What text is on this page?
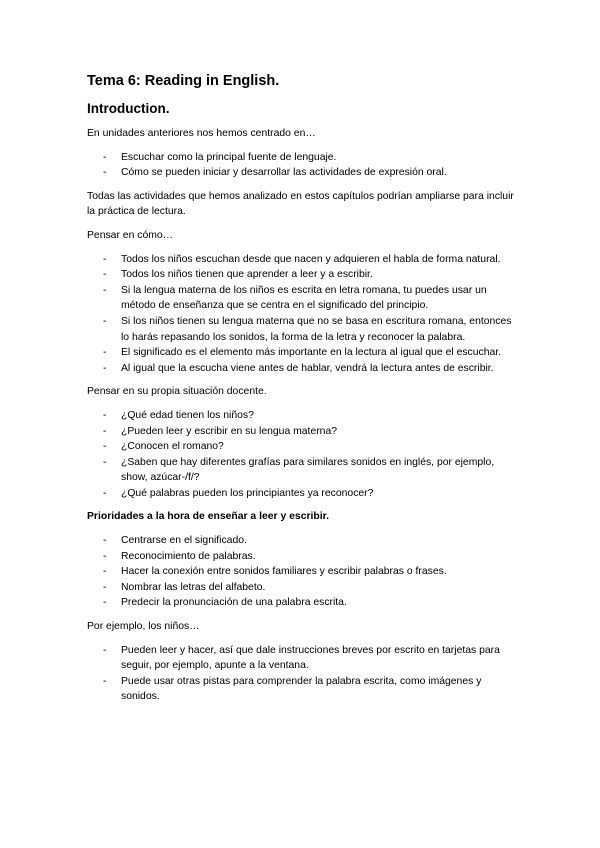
Tema 6: Reading in English.
Introduction.
En unidades anteriores nos hemos centrado en…
- Escuchar como la principal fuente de lenguaje.
- Cómo se pueden iniciar y desarrollar las actividades de expresión oral.
Todas las actividades que hemos analizado en estos capítulos podrían ampliarse para incluir la práctica de lectura.
Pensar en cómo…
- Todos los niños escuchan desde que nacen y adquieren el habla de forma natural.
- Todos los niños tienen que aprender a leer y a escribir.
- Si la lengua materna de los niños es escrita en letra romana, tu puedes usar un método de enseñanza que se centra en el significado del principio.
- Si los niños tienen su lengua materna que no se basa en escritura romana, entonces lo harás repasando los sonidos, la forma de la letra y reconocer la palabra.
- El significado es el elemento más importante en la lectura al igual que el escuchar.
- Al igual que la escucha viene antes de hablar, vendrá la lectura antes de escribir.
Pensar en su propia situación docente.
- ¿Qué edad tienen los niños?
- ¿Pueden leer y escribir en su lengua materna?
- ¿Conocen el romano?
- ¿Saben que hay diferentes grafías para similares sonidos en inglés, por ejemplo, show, azúcar-/f/?
- ¿Qué palabras pueden los principiantes ya reconocer?
Prioridades a la hora de enseñar a leer y escribir.
- Centrarse en el significado.
- Reconocimiento de palabras.
- Hacer la conexión entre sonidos familiares y escribir palabras o frases.
- Nombrar las letras del alfabeto.
- Predecir la pronunciación de una palabra escrita.
Por ejemplo, los niños…
- Pueden leer y hacer, así que dale instrucciones breves por escrito en tarjetas para seguir, por ejemplo, apunte a la ventana.
- Puede usar otras pistas para comprender la palabra escrita, como imágenes y sonidos.
